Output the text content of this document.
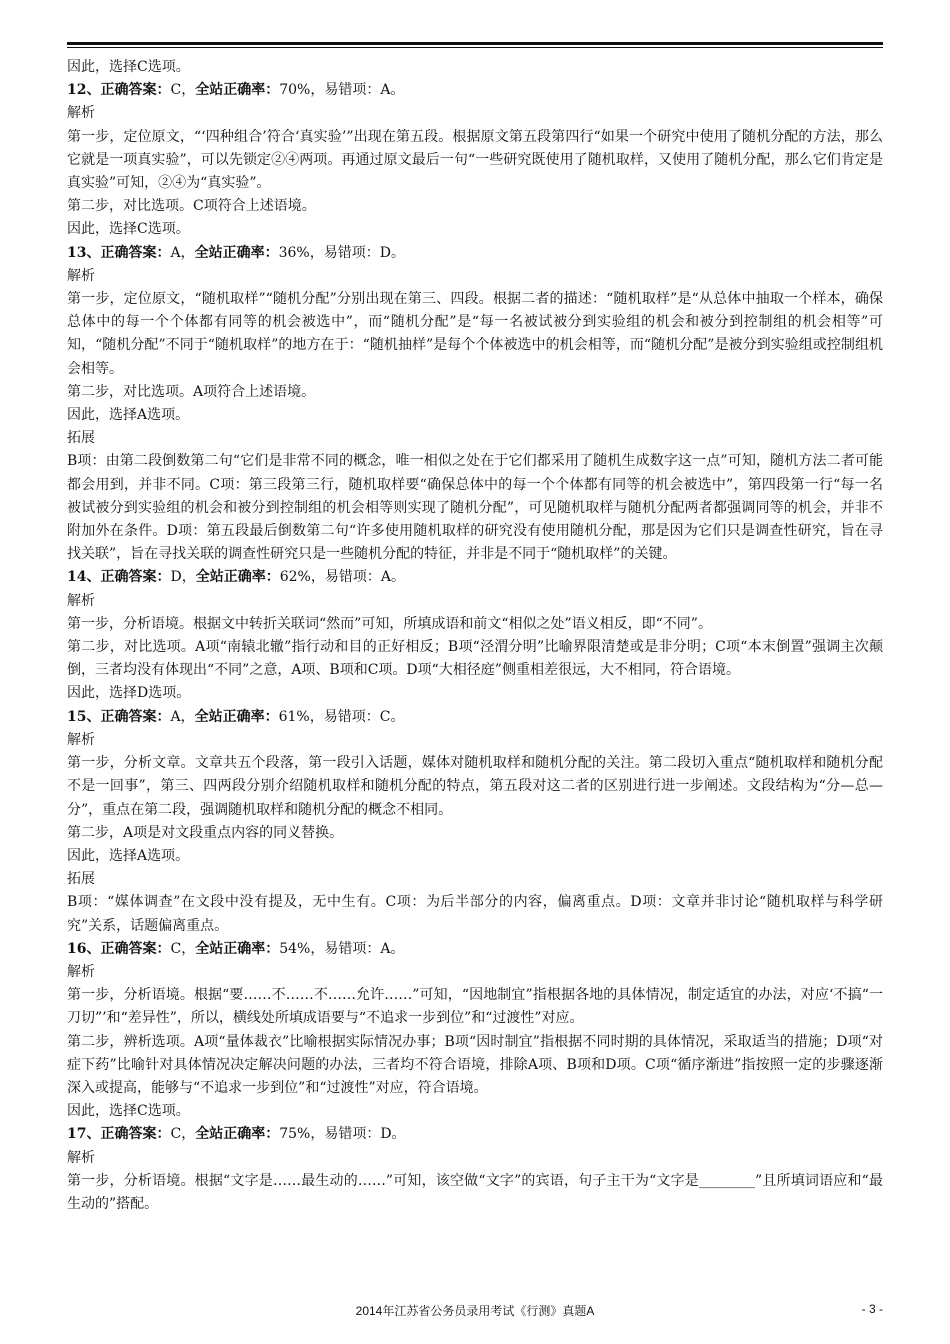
因此，选择C选项。

12、正确答案：C，全站正确率：70%，易错项：A。

解析

第一步，定位原文，“‘四种组合’符合‘真实验’”出现在第五段。根据原文第五段第四行“如果一个研究中使用了随机分配的方法，那么它就是一项真实验”，可以先锁定②④两项。再通过原文最后一句“一些研究既使用了随机取样，又使用了随机分配，那么它们肯定是真实验”可知，②④为“真实验”。

第二步，对比选项。C项符合上述语境。

因此，选择C选项。

13、正确答案：A，全站正确率：36%，易错项：D。

解析

第一步，定位原文，“随机取样”“随机分配”分别出现在第三、四段。根据二者的描述：“随机取样”是“从总体中抽取一个样本，确保总体中的每一个个体都有同等的机会被选中”，而“随机分配”是“每一名被试被分到实验组的机会和被分到控制组的机会相等”可知，“随机分配”不同于“随机取样”的地方在于：“随机抽样”是每个个体被选中的机会相等，而“随机分配”是被分到实验组或控制组机会相等。

第二步，对比选项。A项符合上述语境。

因此，选择A选项。

拓展

B项：由第二段倒数第二句“它们是非常不同的概念，唯一相似之处在于它们都采用了随机生成数字这一点”可知，随机方法二者可能都会用到，并非不同。C项：第三段第三行，随机取样要“确保总体中的每一个个体都有同等的机会被选中”，第四段第一行“每一名被试被分到实验组的机会和被分到控制组的机会相等则实现了随机分配”，可见随机取样与随机分配两者都强调同等的机会，并非不附加外在条件。D项：第五段最后倒数第二句“许多使用随机取样的研究没有使用随机分配，那是因为它们只是调查性研究，旨在寻找关联”，旨在寻找关联的调查性研究只是一些随机分配的特征，并非是不同于“随机取样”的关键。

14、正确答案：D，全站正确率：62%，易错项：A。

解析

第一步，分析语境。根据文中转折关联词“然而”可知，所填成语和前文“相似之处”语义相反，即“不同”。

第二步，对比选项。A项“南辕北辙”指行动和目的正好相反；B项“泾渭分明”比喻界限清楚或是非分明；C项“本末倒置”强调主次颠倒，三者均没有体现出“不同”之意，A项、B项和C项。D项“大相径庭”侧重相差很远，大不相同，符合语境。

因此，选择D选项。

15、正确答案：A，全站正确率：61%，易错项：C。

解析

第一步，分析文章。文章共五个段落，第一段引入话题，媒体对随机取样和随机分配的关注。第二段切入重点“随机取样和随机分配不是一回事”，第三、四两段分别介绍随机取样和随机分配的特点，第五段对这二者的区别进行进一步阐述。文段结构为“分—总—分”，重点在第二段，强调随机取样和随机分配的概念不相同。

第二步，A项是对文段重点内容的同义替换。

因此，选择A选项。

拓展

B项：“媒体调查”在文段中没有提及，无中生有。C项：为后半部分的内容，偏离重点。D项：文章并非讨论“随机取样与科学研究”关系，话题偏离重点。

16、正确答案：C，全站正确率：54%，易错项：A。

解析

第一步，分析语境。根据“要……不……不……允许……”可知，“因地制宜”指根据各地的具体情况，制定适宜的办法，对应‘不搞“一刀切”’和“差异性”，所以，横线处所填成语要与“不追求一步到位”和“过渡性”对应。

第二步，辨析选项。A项“量体裁衣”比喻根据实际情况办事；B项“因时制宜”指根据不同时期的具体情况，采取适当的措施；D项“对症下药”比喻针对具体情况决定解决问题的办法，三者均不符合语境，排除A项、B项和D项。C项“循序渐进”指按照一定的步骤逐渐深入或提高，能够与“不追求一步到位”和“过渡性”对应，符合语境。

因此，选择C选项。

17、正确答案：C，全站正确率：75%，易错项：D。

解析

第一步，分析语境。根据“文字是……最生动的……”可知，该空做“文字”的宾语，句子主干为“文字是________”且所填词语应和“最生动的”搭配。

2014年江苏省公务员录用考试《行测》真题A	- 3 -
